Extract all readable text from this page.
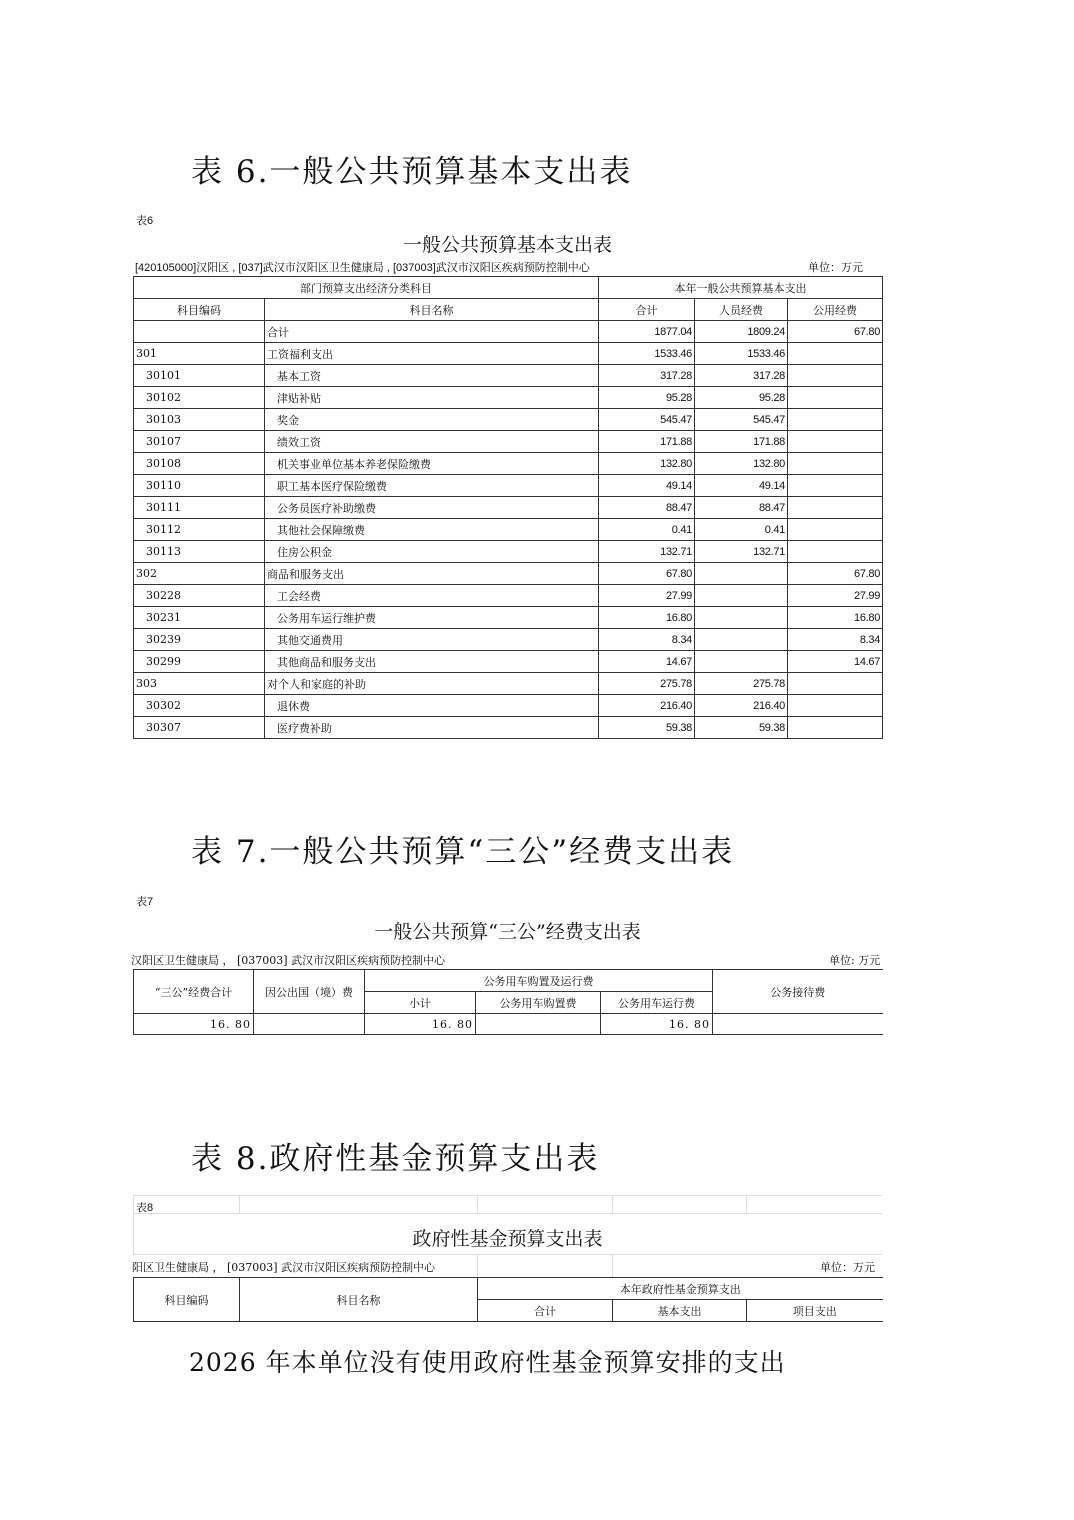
表 6.一般公共预算基本支出表
表6
一般公共预算基本支出表
[420105000]汉阳区 , [037]武汉市汉阳区卫生健康局 , [037003]武汉市汉阳区疾病预防控制中心	单位：万元
部门预算支出经济分类科目		本年一般公共预算基本支出		
科目编码	科目名称	合计	人员经费	公用经费
	合计	1877.04	1809.24	67.80
301	工资福利支出	1533.46	1533.46	
30101	基本工资	317.28	317.28	
30102	津贴补贴	95.28	95.28	
30103	奖金	545.47	545.47	
30107	绩效工资	171.88	171.88	
30108	机关事业单位基本养老保险缴费	132.80	132.80	
30110	职工基本医疗保险缴费	49.14	49.14	
30111	公务员医疗补助缴费	88.47	88.47	
30112	其他社会保障缴费	0.41	0.41	
30113	住房公积金	132.71	132.71	
302	商品和服务支出	67.80		67.80
30228	工会经费	27.99		27.99
30231	公务用车运行维护费	16.80		16.80
30239	其他交通费用	8.34		8.34
30299	其他商品和服务支出	14.67		14.67
303	对个人和家庭的补助	275.78	275.78	
30302	退休费	216.40	216.40	
30307	医疗费补助	59.38	59.38	
表 7.一般公共预算“三公”经费支出表
表7
一般公共预算“三公”经费支出表
汉阳区卫生健康局 ， [037003] 武汉市汉阳区疾病预防控制中心	单位: 万元
“三公”经费合计	因公出国（境）费	公务用车购置及运行费			公务接待费
		小计	公务用车购置费	公务用车运行费	
16. 80		16. 80		16. 80	
表 8.政府性基金预算支出表
表8
政府性基金预算支出表
阳区卫生健康局 ， [037003] 武汉市汉阳区疾病预防控制中心	单位：万元
科目编码	科目名称	本年政府性基金预算支出		
		合计	基本支出	项目支出
2026 年本单位没有使用政府性基金预算安排的支出
